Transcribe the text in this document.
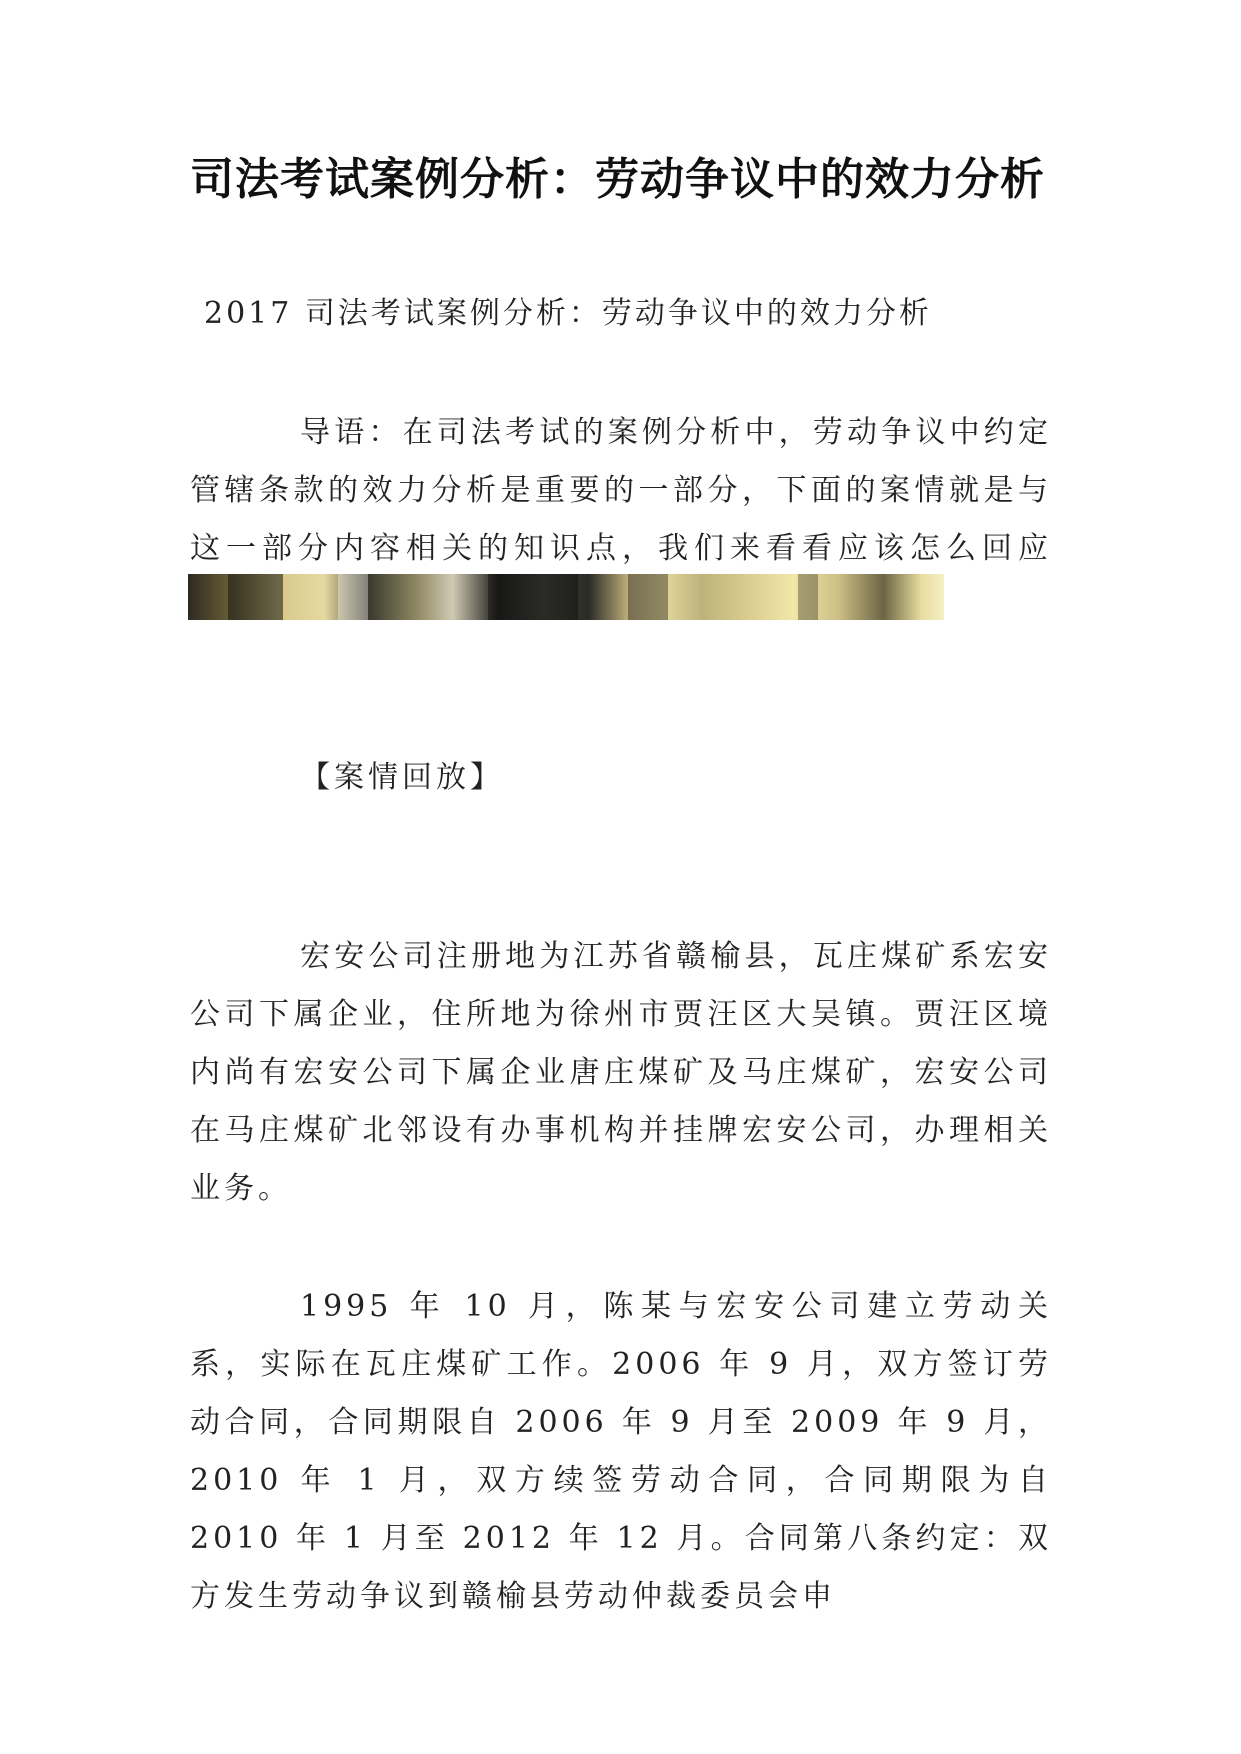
司法考试案例分析：劳动争议中的效力分析
2017 司法考试案例分析：劳动争议中的效力分析

导语：在司法考试的案例分析中，劳动争议中约定管辖条款的效力分析是重要的一部分，下面的案情就是与这一部分内容相关的知识点，我们来看看应该怎么回应

【案情回放】

宏安公司注册地为江苏省赣榆县，瓦庄煤矿系宏安公司下属企业，住所地为徐州市贾汪区大吴镇。贾汪区境内尚有宏安公司下属企业唐庄煤矿及马庄煤矿，宏安公司在马庄煤矿北邻设有办事机构并挂牌宏安公司，办理相关业务。

1995 年 10 月，陈某与宏安公司建立劳动关系，实际在瓦庄煤矿工作。2006 年 9 月，双方签订劳动合同，合同期限自 2006 年 9 月至 2009 年 9 月，2010 年 1 月，双方续签劳动合同，合同期限为自 2010 年 1 月至 2012 年 12 月。合同第八条约定：双方发生劳动争议到赣榆县劳动仲裁委员会申
